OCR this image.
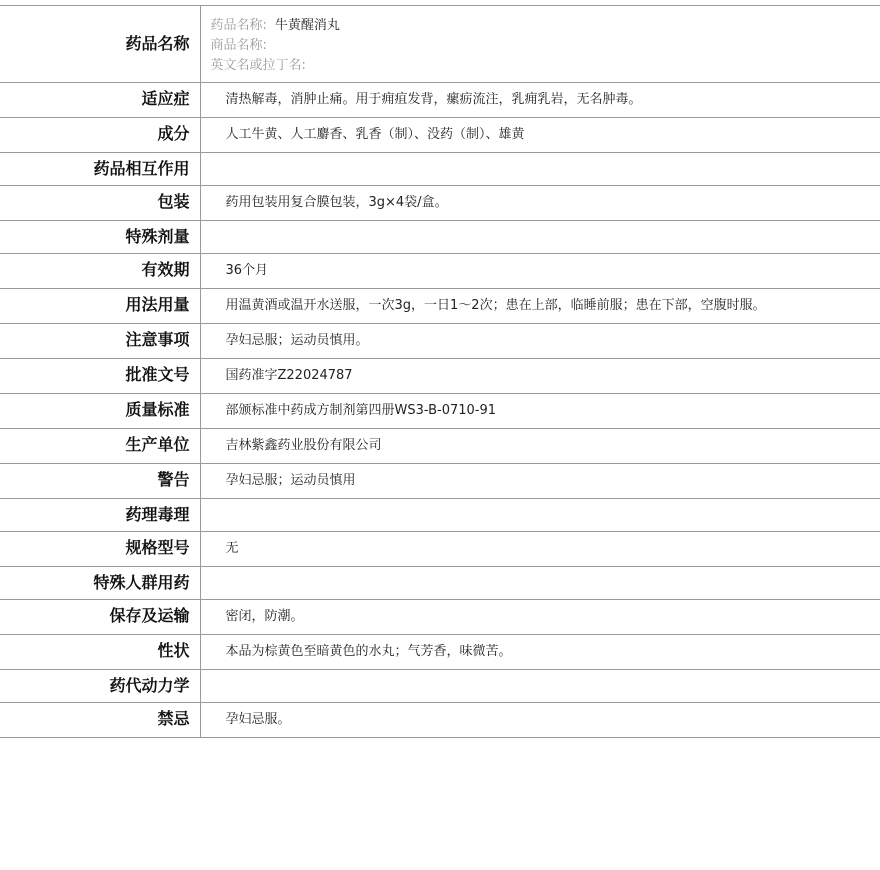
药品名称	药品名称: 牛黄醒消丸
商品名称:
英文名或拉丁名:

适应症	清热解毒，消肿止痛。用于痈疽发背，瘰疬流注，乳痈乳岩，无名肿毒。
成分	人工牛黄、人工麝香、乳香（制）、没药（制）、雄黄
药品相互作用	
包装	药用包装用复合膜包装，3g×4袋/盒。
特殊剂量	
有效期	36个月
用法用量	用温黄酒或温开水送服，一次3g，一日1～2次；患在上部，临睡前服；患在下部，空腹时服。
注意事项	孕妇忌服；运动员慎用。
批准文号	国药准字Z22024787
质量标准	部颁标准中药成方制剂第四册WS3-B-0710-91
生产单位	吉林紫鑫药业股份有限公司
警告	孕妇忌服；运动员慎用
药理毒理	
规格型号	无
特殊人群用药	
保存及运输	密闭，防潮。
性状	本品为棕黄色至暗黄色的水丸；气芳香，味微苦。
药代动力学	
禁忌	孕妇忌服。
